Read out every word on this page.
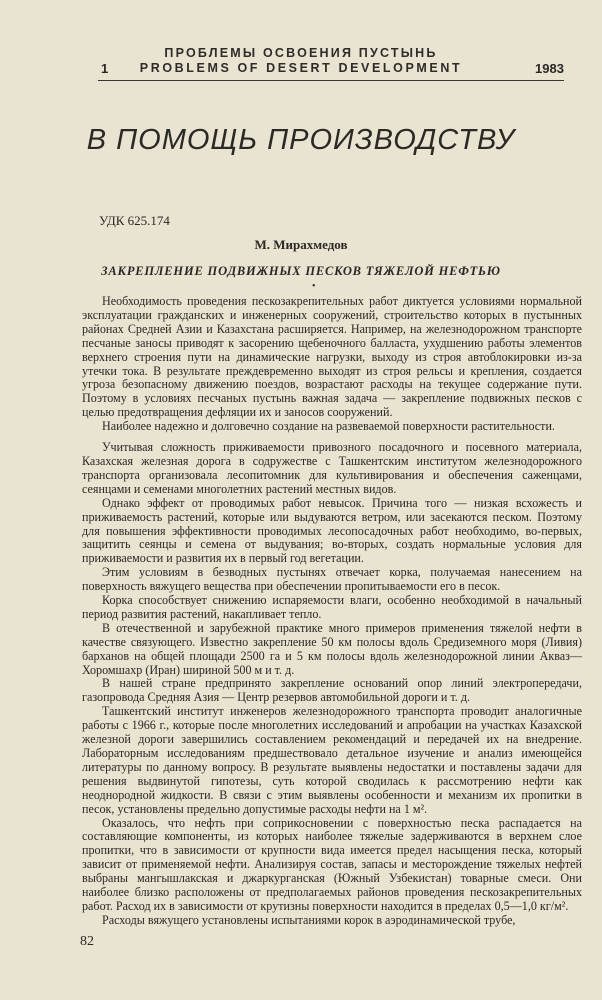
ПРОБЛЕМЫ ОСВОЕНИЯ ПУСТЫНЬ
1	PROBLEMS OF DESERT DEVELOPMENT	1983
В ПОМОЩЬ ПРОИЗВОДСТВУ
УДК 625.174
М. Мирахмедов
ЗАКРЕПЛЕНИЕ ПОДВИЖНЫХ ПЕСКОВ ТЯЖЕЛОЙ НЕФТЬЮ
•

Необходимость проведения пескозакрепительных работ диктуется условиями нормальной эксплуатации гражданских и инженерных сооружений, строительство которых в пустынных районах Средней Азии и Казахстана расширяется. Например, на железнодорожном транспорте песчаные заносы приводят к засорению щебеночного балласта, ухудшению работы элементов верхнего строения пути на динамические нагрузки, выходу из строя автоблокировки из-за утечки тока. В результате преждевременно выходят из строя рельсы и крепления, создается угроза безопасному движению поездов, возрастают расходы на текущее содержание пути. Поэтому в условиях песчаных пустынь важная задача — закрепление подвижных песков с целью предотвращения дефляции их и заносов сооружений.

Наиболее надежно и долговечно создание на развеваемой поверхности растительности.

Учитывая сложность приживаемости привозного посадочного и посевного материала, Казахская железная дорога в содружестве с Ташкентским институтом железнодорожного транспорта организовала лесопитомник для культивирования и обеспечения саженцами, сеянцами и семенами многолетних растений местных видов.

Однако эффект от проводимых работ невысок. Причина того — низкая всхожесть и приживаемость растений, которые или выдуваются ветром, или засекаются песком. Поэтому для повышения эффективности проводимых лесопосадочных работ необходимо, во-первых, защитить сеянцы и семена от выдувания; во-вторых, создать нормальные условия для приживаемости и развития их в первый год вегетации.

Этим условиям в безводных пустынях отвечает корка, получаемая нанесением на поверхность вяжущего вещества при обеспечении пропитываемости его в песок.

Корка способствует снижению испаряемости влаги, особенно необходимой в начальный период развития растений, накапливает тепло.

В отечественной и зарубежной практике много примеров применения тяжелой нефти в качестве связующего. Известно закрепление 50 км полосы вдоль Средиземного моря (Ливия) барханов на общей площади 2500 га и 5 км полосы вдоль железнодорожной линии Акваз—Хоромшахр (Иран) шириной 500 м и т. д.

В нашей стране предпринято закрепление оснований опор линий электропередачи, газопровода Средняя Азия — Центр резервов автомобильной дороги и т. д.

Ташкентский институт инженеров железнодорожного транспорта проводит аналогичные работы с 1966 г., которые после многолетних исследований и апробации на участках Казахской железной дороги завершились составлением рекомендаций и передачей их на внедрение. Лабораторным исследованиям предшествовало детальное изучение и анализ имеющейся литературы по данному вопросу. В результате выявлены недостатки и поставлены задачи для решения выдвинутой гипотезы, суть которой сводилась к рассмотрению нефти как неоднородной жидкости. В связи с этим выявлены особенности и механизм их пропитки в песок, установлены предельно допустимые расходы нефти на 1 м².

Оказалось, что нефть при соприкосновении с поверхностью песка распадается на составляющие компоненты, из которых наиболее тяжелые задерживаются в верхнем слое пропитки, что в зависимости от крупности вида имеется предел насыщения песка, который зависит от применяемой нефти. Анализируя состав, запасы и месторождение тяжелых нефтей выбраны мангышлакская и джаркурганская (Южный Узбекистан) товарные смеси. Они наиболее близко расположены от предполагаемых районов проведения пескозакрепительных работ. Расход их в зависимости от крутизны поверхности находится в пределах 0,5—1,0 кг/м².

Расходы вяжущего установлены испытаниями корок в аэродинамической трубе,

82
